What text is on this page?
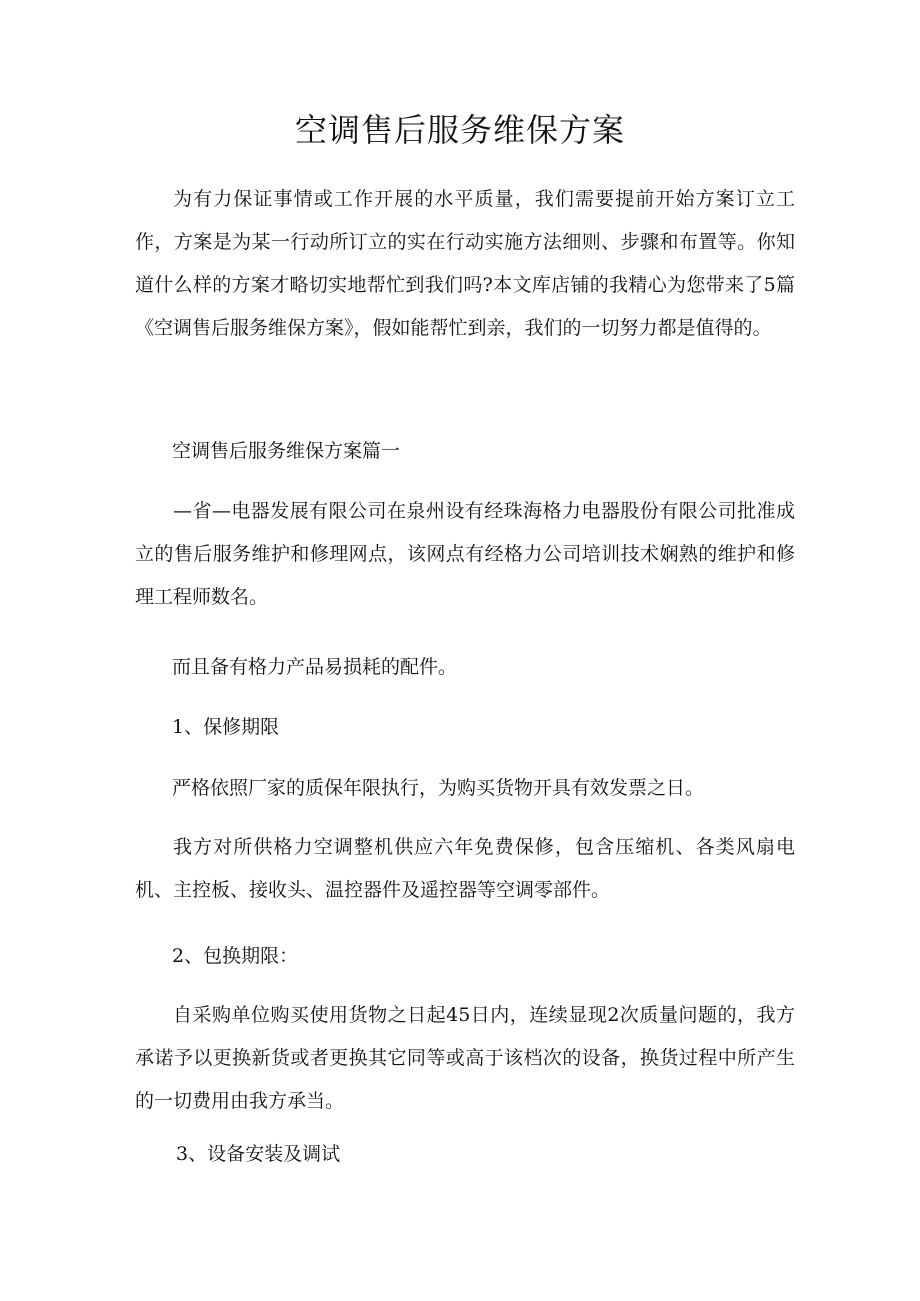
空调售后服务维保方案

为有力保证事情或工作开展的水平质量，我们需要提前开始方案订立工作，方案是为某一行动所订立的实在行动实施方法细则、步骤和布置等。你知道什么样的方案才略切实地帮忙到我们吗?本文库店铺的我精心为您带来了5篇《空调售后服务维保方案》，假如能帮忙到亲，我们的一切努力都是值得的。

空调售后服务维保方案篇一

—省—电器发展有限公司在泉州设有经珠海格力电器股份有限公司批准成立的售后服务维护和修理网点，该网点有经格力公司培训技术娴熟的维护和修理工程师数名。

而且备有格力产品易损耗的配件。

1、保修期限

严格依照厂家的质保年限执行，为购买货物开具有效发票之日。

我方对所供格力空调整机供应六年免费保修，包含压缩机、各类风扇电机、主控板、接收头、温控器件及遥控器等空调零部件。

2、包换期限：

自采购单位购买使用货物之日起45日内，连续显现2次质量问题的，我方承诺予以更换新货或者更换其它同等或高于该档次的设备，换货过程中所产生的一切费用由我方承当。

3、设备安装及调试
